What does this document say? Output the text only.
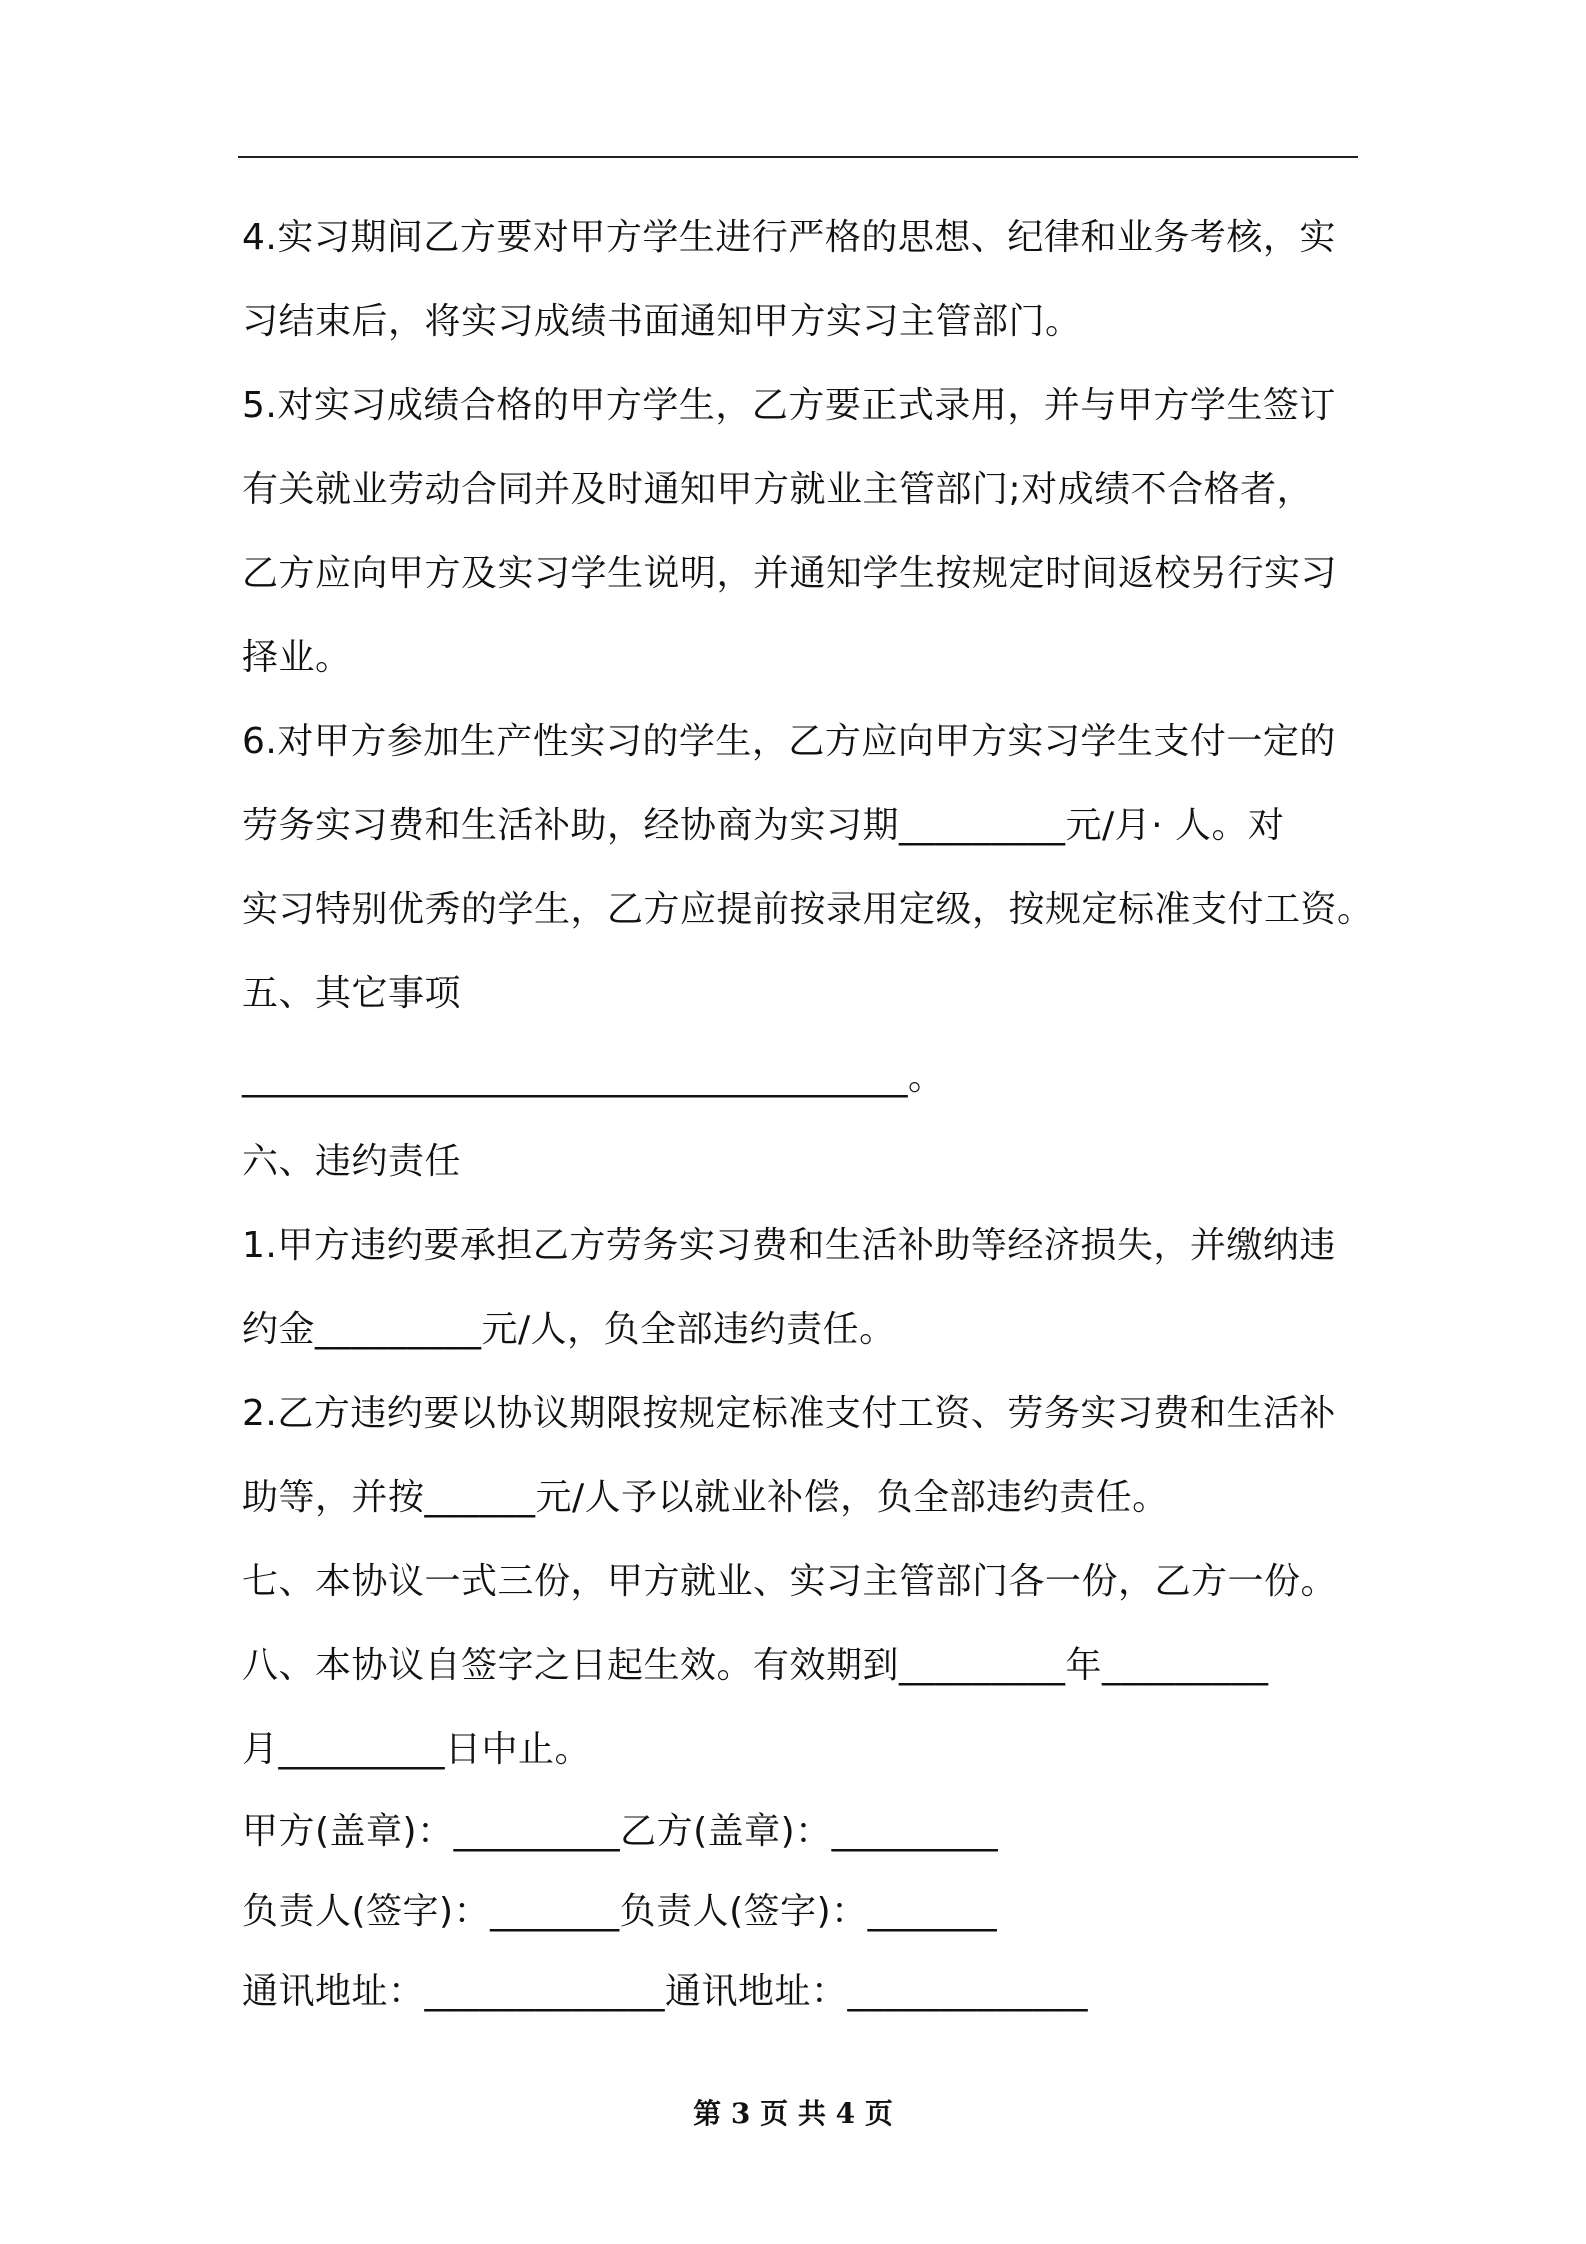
4.实习期间乙方要对甲方学生进行严格的思想、纪律和业务考核，实
习结束后，将实习成绩书面通知甲方实习主管部门。
5.对实习成绩合格的甲方学生，乙方要正式录用，并与甲方学生签订
有关就业劳动合同并及时通知甲方就业主管部门;对成绩不合格者，
乙方应向甲方及实习学生说明，并通知学生按规定时间返校另行实习
择业。
6.对甲方参加生产性实习的学生，乙方应向甲方实习学生支付一定的
劳务实习费和生活补助，经协商为实习期_________元/月· 人。对
实习特别优秀的学生，乙方应提前按录用定级，按规定标准支付工资。
五、其它事项
____________________________________。
六、违约责任
1.甲方违约要承担乙方劳务实习费和生活补助等经济损失，并缴纳违
约金_________元/人，负全部违约责任。
2.乙方违约要以协议期限按规定标准支付工资、劳务实习费和生活补
助等，并按______元/人予以就业补偿，负全部违约责任。
七、本协议一式三份，甲方就业、实习主管部门各一份，乙方一份。
八、本协议自签字之日起生效。有效期到_________年_________
月_________日中止。
甲方(盖章)：_________乙方(盖章)：_________
负责人(签字)：_______负责人(签字)：_______
通讯地址：_____________通讯地址：_____________
第 3 页 共 4 页
